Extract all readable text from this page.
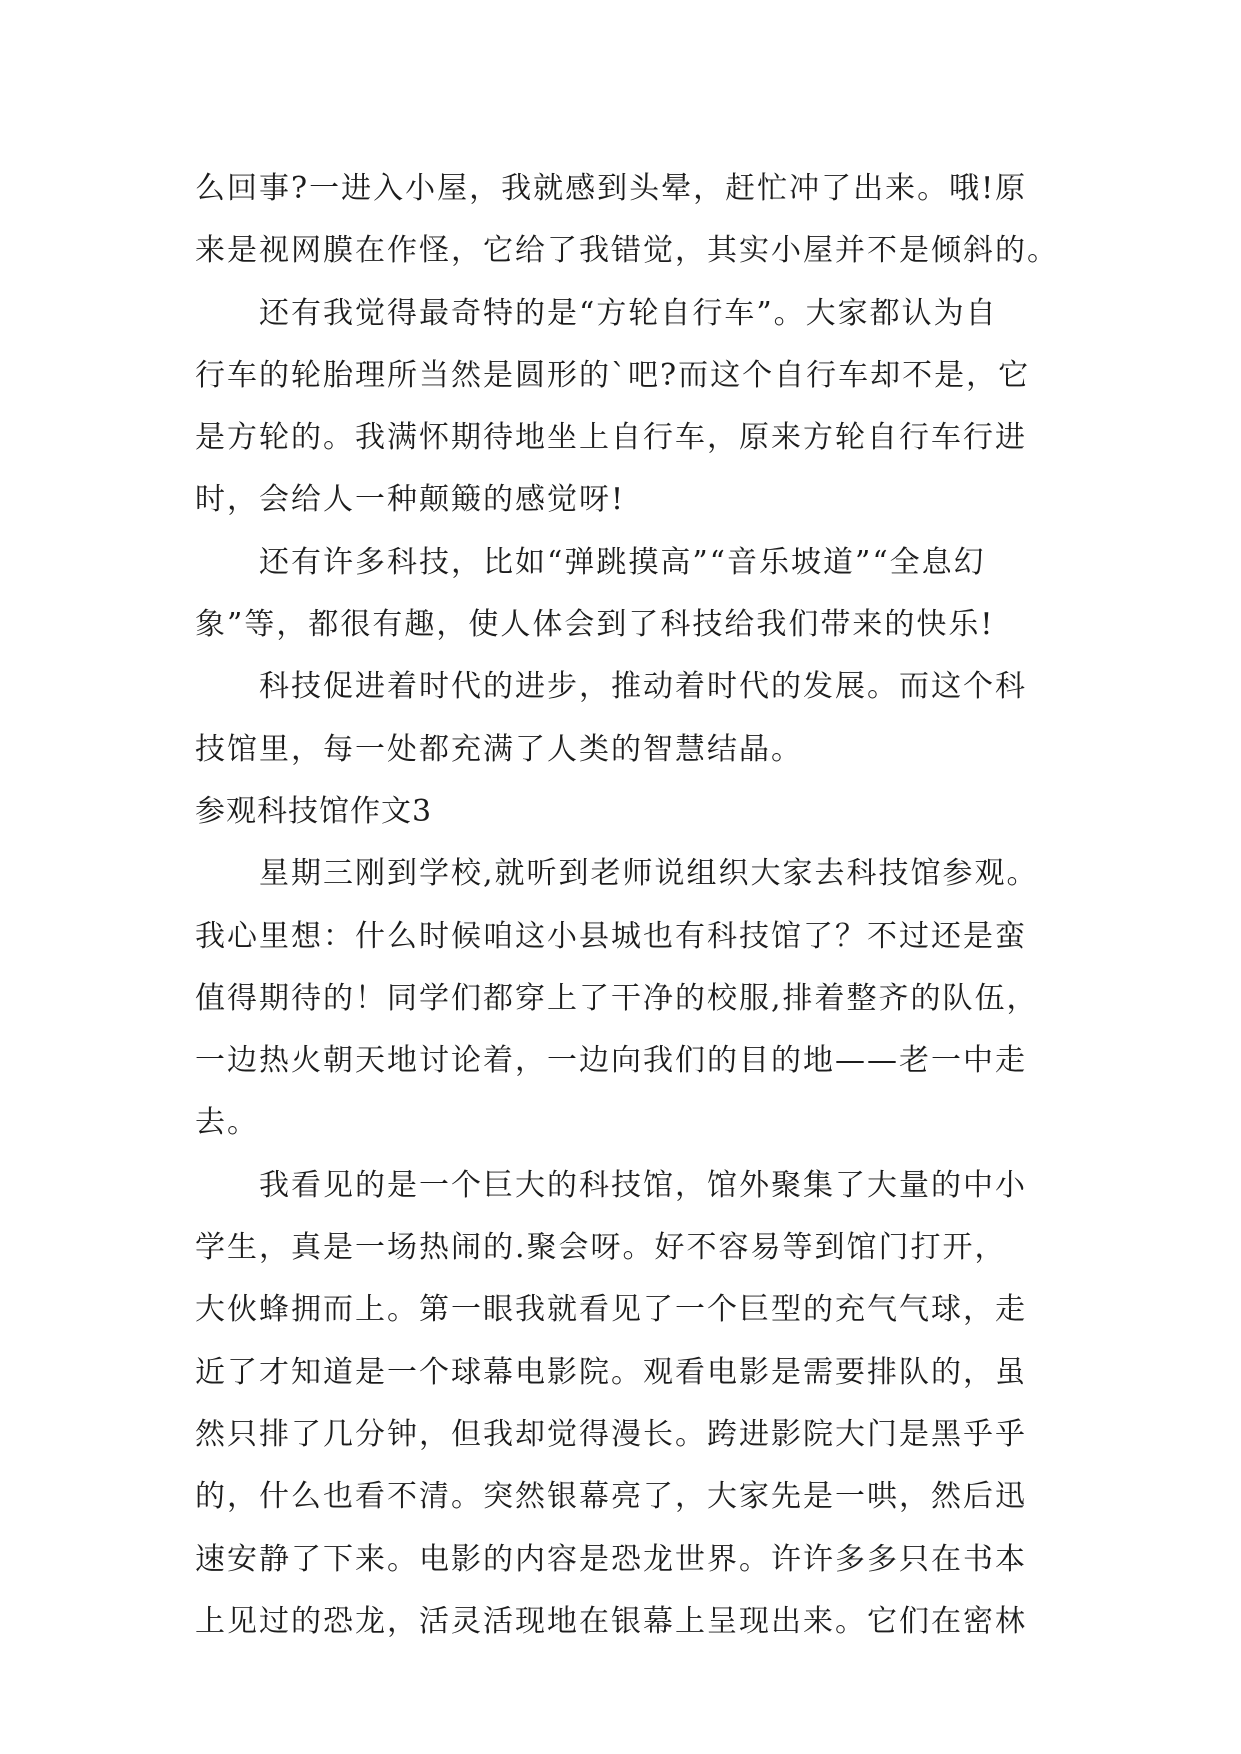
么回事?一进入小屋，我就感到头晕，赶忙冲了出来。哦!原
来是视网膜在作怪，它给了我错觉，其实小屋并不是倾斜的。
还有我觉得最奇特的是“方轮自行车”。大家都认为自
行车的轮胎理所当然是圆形的`吧?而这个自行车却不是，它
是方轮的。我满怀期待地坐上自行车，原来方轮自行车行进
时，会给人一种颠簸的感觉呀!
还有许多科技，比如“弹跳摸高”“音乐坡道”“全息幻
象”等，都很有趣，使人体会到了科技给我们带来的快乐!
科技促进着时代的进步，推动着时代的发展。而这个科
技馆里，每一处都充满了人类的智慧结晶。
参观科技馆作文3
星期三刚到学校,就听到老师说组织大家去科技馆参观。
我心里想：什么时候咱这小县城也有科技馆了？不过还是蛮
值得期待的！同学们都穿上了干净的校服,排着整齐的队伍，
一边热火朝天地讨论着，一边向我们的目的地——老一中走
去。
我看见的是一个巨大的科技馆，馆外聚集了大量的中小
学生，真是一场热闹的.聚会呀。好不容易等到馆门打开，
大伙蜂拥而上。第一眼我就看见了一个巨型的充气气球，走
近了才知道是一个球幕电影院。观看电影是需要排队的，虽
然只排了几分钟，但我却觉得漫长。跨进影院大门是黑乎乎
的，什么也看不清。突然银幕亮了，大家先是一哄，然后迅
速安静了下来。电影的内容是恐龙世界。许许多多只在书本
上见过的恐龙，活灵活现地在银幕上呈现出来。它们在密林
